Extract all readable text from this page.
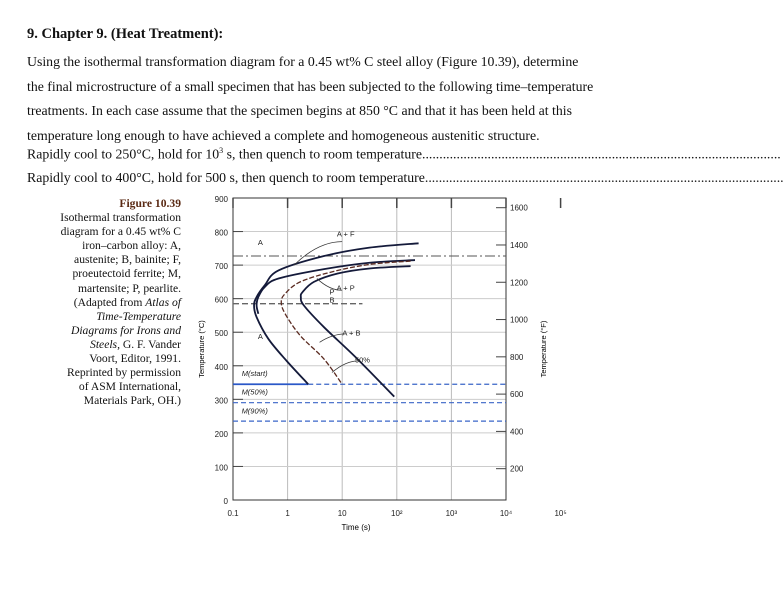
9. Chapter 9. (Heat Treatment):
Using the isothermal transformation diagram for a 0.45 wt% C steel alloy (Figure 10.39), determine the final microstructure of a small specimen that has been subjected to the following time–temperature treatments. In each case assume that the specimen begins at 850 °C and that it has been held at this temperature long enough to have achieved a complete and homogeneous austenitic structure.
Rapidly cool to 250°C, hold for $10^3$ s, then quench to room temperature........................................................................................................
Rapidly cool to 400°C, hold for 500 s, then quench to room temperature........................................................................................................
Figure 10.39
Isothermal transformation diagram for a 0.45 wt% C iron–carbon alloy: A, austenite; B, bainite; F, proeutectoid ferrite; M, martensite; P, pearlite. (Adapted from Atlas of Time-Temperature Diagrams for Irons and Steels, G. F. Vander Voort, Editor, 1991. Reprinted by permission of ASM International, Materials Park, OH.)
0
100
200
300
400
500
600
700
800
900
0.1	1	10	10²	10³	10⁴	10⁵
200
400
600
800
1000
1200
1400
1600
Time (s)
Temperature (°C)	Temperature (°F)
A
A
A + F
A + P
P
B
A + B
50%
M(start)
M(50%)
M(90%)
